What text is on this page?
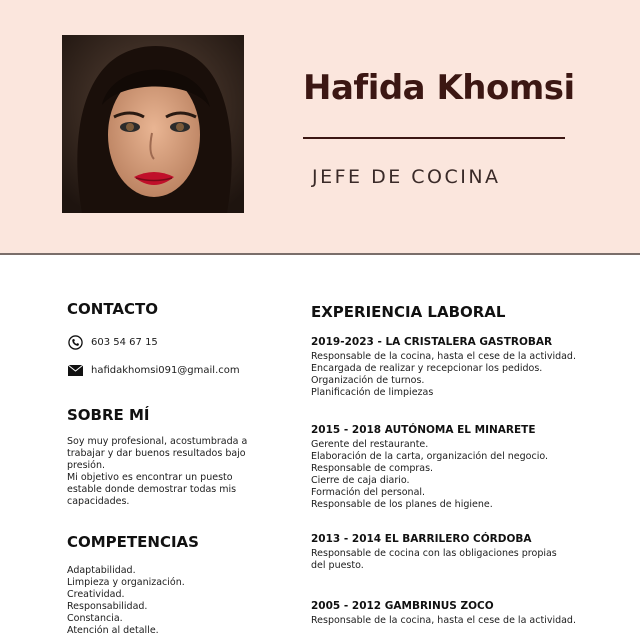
Hafida Khomsi
JEFE DE COCINA
CONTACTO
603 54 67 15
hafidakhomsi091@gmail.com
SOBRE MÍ
Soy muy profesional, acostumbrada a
trabajar y dar buenos resultados bajo
presión.
Mi objetivo es encontrar un puesto
estable donde demostrar todas mis
capacidades.
COMPETENCIAS
Adaptabilidad.
Limpieza y organización.
Creatividad.
Responsabilidad.
Constancia.
Atención al detalle.
EXPERIENCIA LABORAL
2019-2023 - LA CRISTALERA GASTROBAR
Responsable de la cocina, hasta el cese de la actividad.
Encargada de realizar y recepcionar los pedidos.
Organización de turnos.
Planificación de limpiezas
2015 - 2018 AUTÓNOMA EL MINARETE
Gerente del restaurante.
Elaboración de la carta, organización del negocio.
Responsable de compras.
Cierre de caja diario.
Formación del personal.
Responsable de los planes de higiene.
2013 - 2014 EL BARRILERO CÓRDOBA
Responsable de cocina con las obligaciones propias
del puesto.
2005 - 2012 GAMBRINUS ZOCO
Responsable de la cocina, hasta el cese de la actividad.
